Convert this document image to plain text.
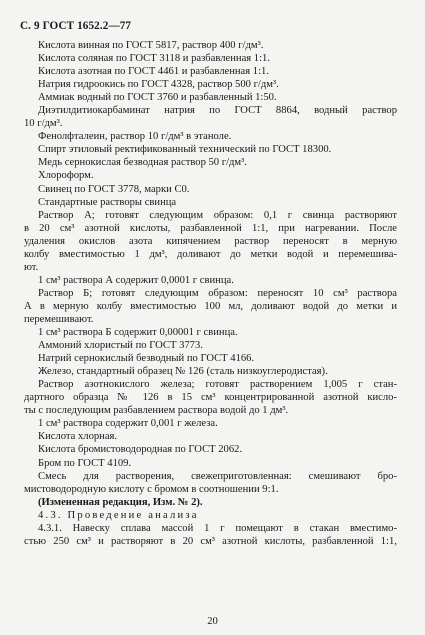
С. 9 ГОСТ 1652.2—77
Кислота винная по ГОСТ 5817, раствор 400 г/дм³.
Кислота соляная по ГОСТ 3118 и разбавленная 1:1.
Кислота азотная по ГОСТ 4461 и разбавленная 1:1.
Натрия гидроокись по ГОСТ 4328, раствор 500 г/дм³.
Аммиак водный по ГОСТ 3760 и разбавленный 1:50.
Диэтилдитиокарбаминат натрия по ГОСТ 8864, водный раствор
10 г/дм³.
Фенолфталеин, раствор 10 г/дм³ в этаноле.
Спирт этиловый ректификованный технический по ГОСТ 18300.
Медь сернокислая безводная раствор 50 г/дм³.
Хлороформ.
Свинец по ГОСТ 3778, марки С0.
Стандартные растворы свинца
Раствор А; готовят следующим образом: 0,1 г свинца растворяют
в 20 см³ азотной кислоты, разбавленной 1:1, при нагревании. После
удаления окислов азота кипячением раствор переносят в мерную
колбу вместимостью 1 дм³, доливают до метки водой и перемешива-
ют.
1 см³ раствора А содержит 0,0001 г свинца.
Раствор Б; готовят следующим образом: переносят 10 см³ раствора
А в мерную колбу вместимостью 100 мл, доливают водой до метки и
перемешивают.
1 см³ раствора Б содержит 0,00001 г свинца.
Аммоний хлористый по ГОСТ 3773.
Натрий сернокислый безводный по ГОСТ 4166.
Железо, стандартный образец № 126 (сталь низкоуглеродистая).
Раствор азотнокислого железа; готовят растворением 1,005 г стан-
дартного образца № 126 в 15 см³ концентрированной азотной кисло-
ты с последующим разбавлением раствора водой до 1 дм³.
1 см³ раствора содержит 0,001 г железа.
Кислота хлорная.
Кислота бромистоводородная по ГОСТ 2062.
Бром по ГОСТ 4109.
Смесь для растворения, свежеприготовленная: смешивают бро-
мистоводородную кислоту с бромом в соотношении 9:1.
(Измененная редакция, Изм. № 2).
4.3. Проведение анализа
4.3.1. Навеску сплава массой 1 г помещают в стакан вместимо-
стью 250 см³ и растворяют в 20 см³ азотной кислоты, разбавленной 1:1,
20
